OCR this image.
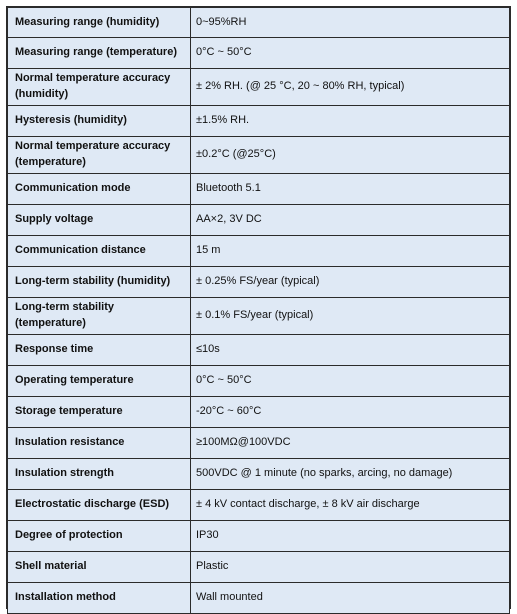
Measuring range (humidity)	0~95%RH
Measuring range (temperature)	0°C ~ 50°C
Normal temperature accuracy (humidity)	± 2% RH. (@ 25 °C, 20 ~ 80% RH, typical)
Hysteresis (humidity)	±1.5% RH.
Normal temperature accuracy (temperature)	±0.2°C (@25°C)
Communication mode	Bluetooth 5.1
Supply voltage	AA×2, 3V DC
Communication distance	15 m
Long-term stability (humidity)	± 0.25% FS/year (typical)
Long-term stability (temperature)	± 0.1% FS/year (typical)
Response time	≤10s
Operating temperature	0°C ~ 50°C
Storage temperature	-20°C ~ 60°C
Insulation resistance	≥100MΩ@100VDC
Insulation strength	500VDC @ 1 minute (no sparks, arcing, no damage)
Electrostatic discharge (ESD)	± 4 kV contact discharge, ± 8 kV air discharge
Degree of protection	IP30
Shell material	Plastic
Installation method	Wall mounted
